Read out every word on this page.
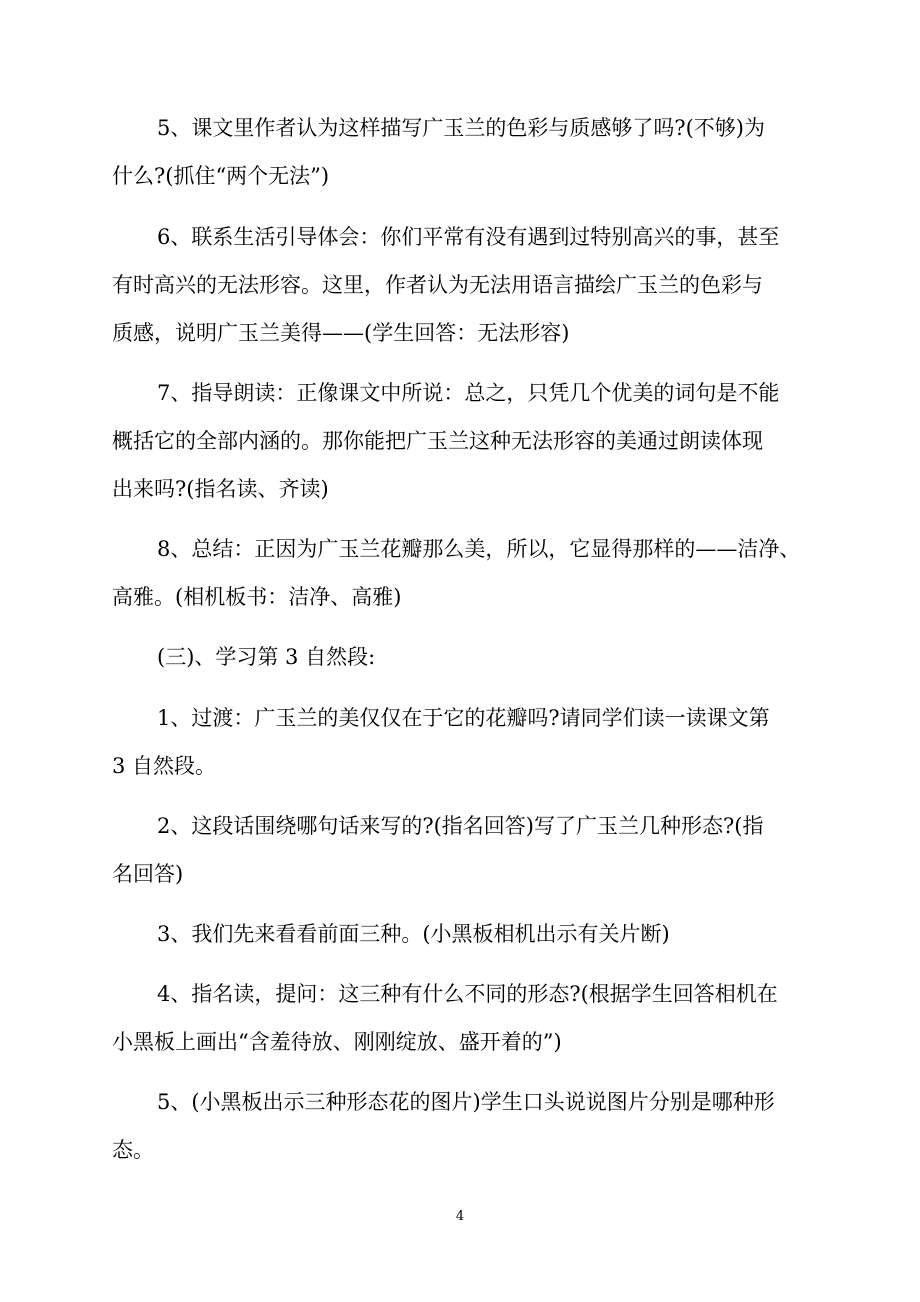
5、课文里作者认为这样描写广玉兰的色彩与质感够了吗?(不够)为
什么?(抓住“两个无法”)
6、联系生活引导体会：你们平常有没有遇到过特别高兴的事，甚至
有时高兴的无法形容。这里，作者认为无法用语言描绘广玉兰的色彩与
质感，说明广玉兰美得——(学生回答：无法形容)
7、指导朗读：正像课文中所说：总之，只凭几个优美的词句是不能
概括它的全部内涵的。那你能把广玉兰这种无法形容的美通过朗读体现
出来吗?(指名读、齐读)
8、总结：正因为广玉兰花瓣那么美，所以，它显得那样的——洁净、
高雅。(相机板书：洁净、高雅)
(三)、学习第 3 自然段:
1、过渡：广玉兰的美仅仅在于它的花瓣吗?请同学们读一读课文第
3 自然段。
2、这段话围绕哪句话来写的?(指名回答)写了广玉兰几种形态?(指
名回答)
3、我们先来看看前面三种。(小黑板相机出示有关片断)
4、指名读，提问：这三种有什么不同的形态?(根据学生回答相机在
小黑板上画出“含羞待放、刚刚绽放、盛开着的”)
5、(小黑板出示三种形态花的图片)学生口头说说图片分别是哪种形
态。
4
